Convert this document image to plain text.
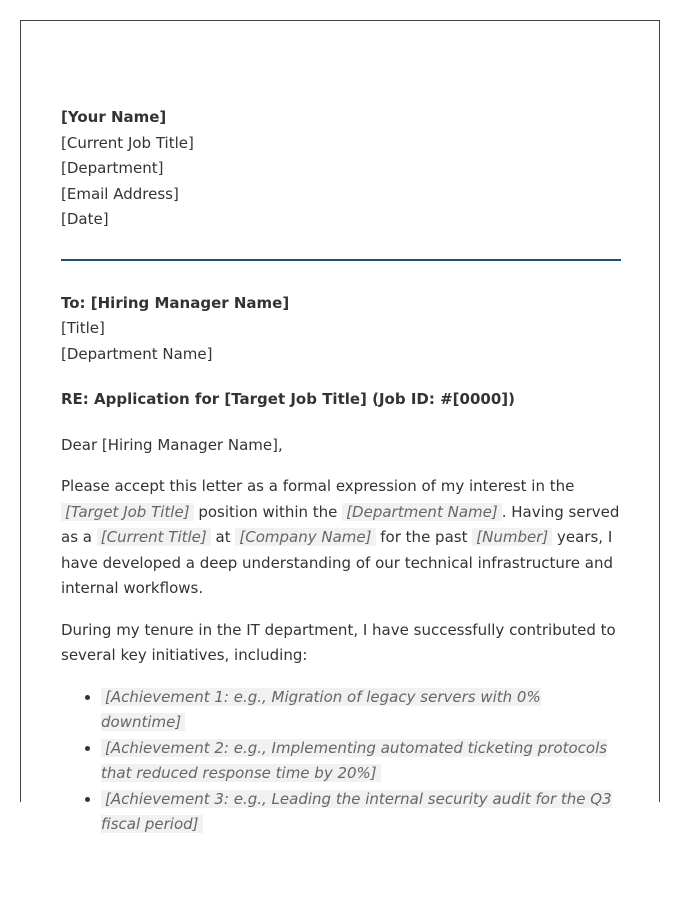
[Your Name]
[Current Job Title]
[Department]
[Email Address]
[Date]
To: [Hiring Manager Name]
[Title]
[Department Name]
RE: Application for [Target Job Title] (Job ID: #[0000])
Dear [Hiring Manager Name],
Please accept this letter as a formal expression of my interest in the [Target Job Title] position within the [Department Name] . Having served as a [Current Title] at [Company Name] for the past [Number] years, I have developed a deep understanding of our technical infrastructure and internal workflows.
During my tenure in the IT department, I have successfully contributed to several key initiatives, including:
• [Achievement 1: e.g., Migration of legacy servers with 0% downtime]
• [Achievement 2: e.g., Implementing automated ticketing protocols that reduced response time by 20%]
• [Achievement 3: e.g., Leading the internal security audit for the Q3 fiscal period]
